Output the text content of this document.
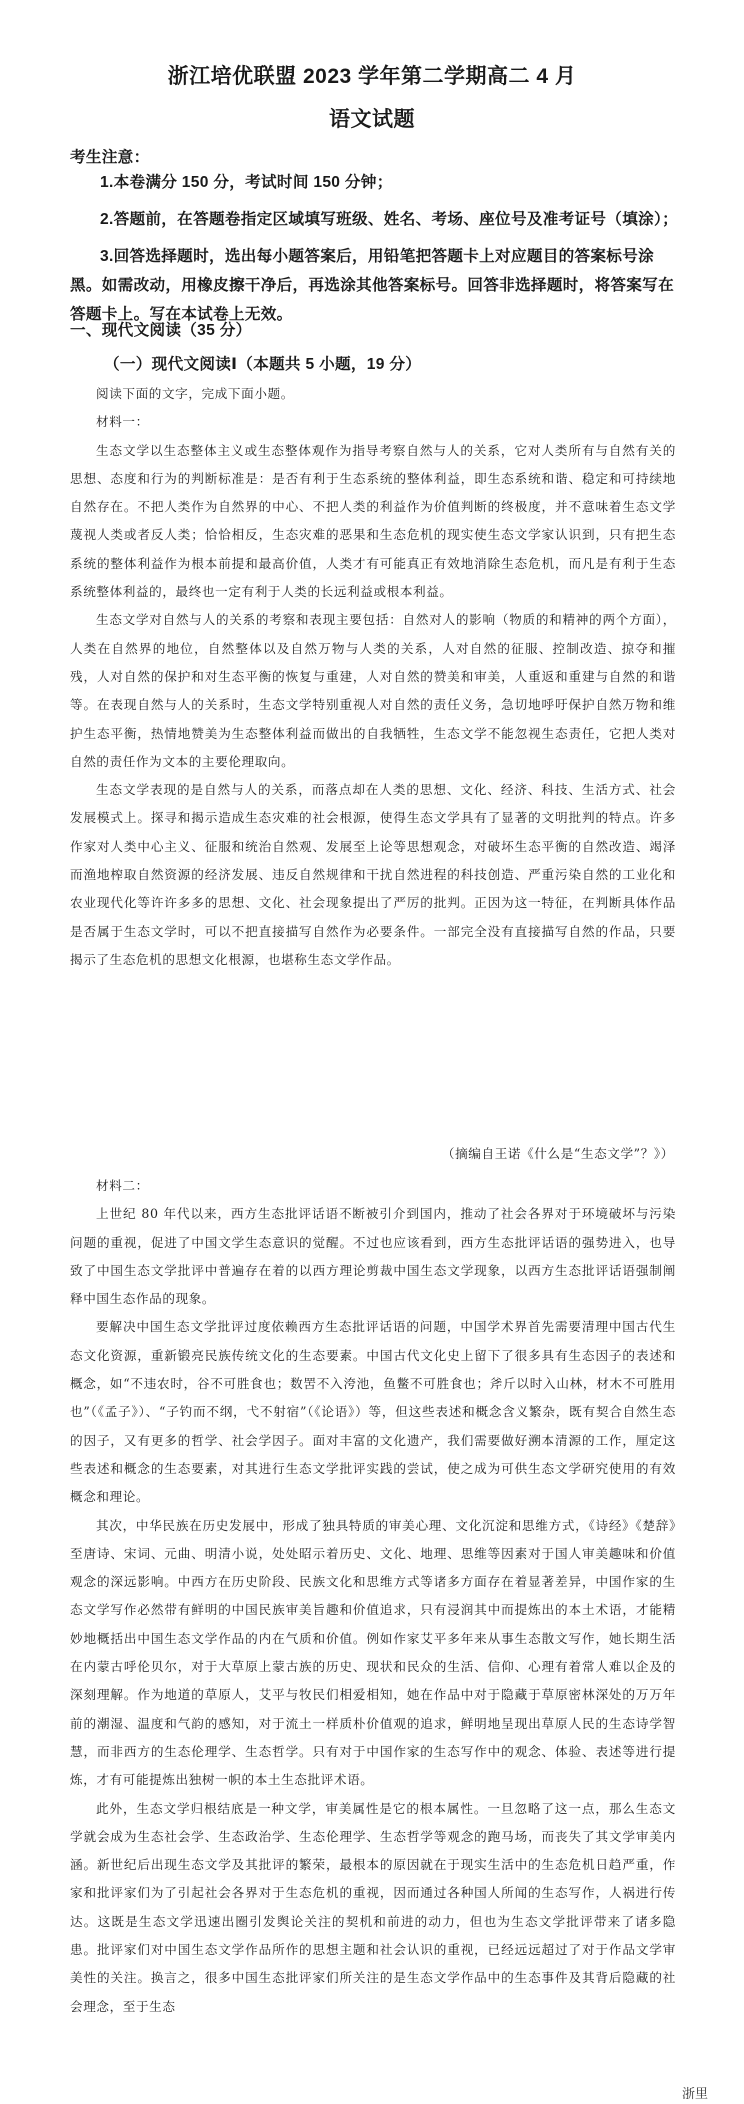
浙江培优联盟 2023 学年第二学期高二 4 月
语文试题
考生注意：
1.本卷满分 150 分，考试时间 150 分钟；
2.答题前，在答题卷指定区域填写班级、姓名、考场、座位号及准考证号（填涂）；
3.回答选择题时，选出每小题答案后，用铅笔把答题卡上对应题目的答案标号涂黑。如需改动，用橡皮擦干净后，再选涂其他答案标号。回答非选择题时，将答案写在答题卡上。写在本试卷上无效。
一、现代文阅读（35 分）
（一）现代文阅读Ⅰ（本题共 5 小题，19 分）
阅读下面的文字，完成下面小题。
材料一：
生态文学以生态整体主义或生态整体观作为指导考察自然与人的关系，它对人类所有与自然有关的思想、态度和行为的判断标准是：是否有利于生态系统的整体利益，即生态系统和谐、稳定和可持续地自然存在。不把人类作为自然界的中心、不把人类的利益作为价值判断的终极度，并不意味着生态文学蔑视人类或者反人类；恰恰相反，生态灾难的恶果和生态危机的现实使生态文学家认识到，只有把生态系统的整体利益作为根本前提和最高价值，人类才有可能真正有效地消除生态危机，而凡是有利于生态系统整体利益的，最终也一定有利于人类的长远利益或根本利益。
生态文学对自然与人的关系的考察和表现主要包括：自然对人的影响（物质的和精神的两个方面），人类在自然界的地位，自然整体以及自然万物与人类的关系，人对自然的征服、控制改造、掠夺和摧残，人对自然的保护和对生态平衡的恢复与重建，人对自然的赞美和审美，人重返和重建与自然的和谐等。在表现自然与人的关系时，生态文学特别重视人对自然的责任义务，急切地呼吁保护自然万物和维护生态平衡，热情地赞美为生态整体利益而做出的自我牺牲，生态文学不能忽视生态责任，它把人类对自然的责任作为文本的主要伦理取向。
生态文学表现的是自然与人的关系，而落点却在人类的思想、文化、经济、科技、生活方式、社会发展模式上。探寻和揭示造成生态灾难的社会根源，使得生态文学具有了显著的文明批判的特点。许多作家对人类中心主义、征服和统治自然观、发展至上论等思想观念，对破坏生态平衡的自然改造、竭泽而渔地榨取自然资源的经济发展、违反自然规律和干扰自然进程的科技创造、严重污染自然的工业化和农业现代化等许许多多的思想、文化、社会现象提出了严厉的批判。正因为这一特征，在判断具体作品是否属于生态文学时，可以不把直接描写自然作为必要条件。一部完全没有直接描写自然的作品，只要揭示了生态危机的思想文化根源，也堪称生态文学作品。
（摘编自王诺《什么是“生态文学”？》）
材料二：
上世纪 80 年代以来，西方生态批评话语不断被引介到国内，推动了社会各界对于环境破坏与污染问题的重视，促进了中国文学生态意识的觉醒。不过也应该看到，西方生态批评话语的强势进入，也导致了中国生态文学批评中普遍存在着的以西方理论剪裁中国生态文学现象，以西方生态批评话语强制阐释中国生态作品的现象。
要解决中国生态文学批评过度依赖西方生态批评话语的问题，中国学术界首先需要清理中国古代生态文化资源，重新锻亮民族传统文化的生态要素。中国古代文化史上留下了很多具有生态因子的表述和概念，如“不违农时，谷不可胜食也；数罟不入洿池，鱼鳖不可胜食也；斧斤以时入山林，材木不可胜用也”（《孟子》）、“子钓而不纲，弋不射宿”（《论语》）等，但这些表述和概念含义繁杂，既有契合自然生态的因子，又有更多的哲学、社会学因子。面对丰富的文化遗产，我们需要做好溯本清源的工作，厘定这些表述和概念的生态要素，对其进行生态文学批评实践的尝试，使之成为可供生态文学研究使用的有效概念和理论。
其次，中华民族在历史发展中，形成了独具特质的审美心理、文化沉淀和思维方式，《诗经》《楚辞》至唐诗、宋词、元曲、明清小说，处处昭示着历史、文化、地理、思维等因素对于国人审美趣味和价值观念的深远影响。中西方在历史阶段、民族文化和思维方式等诸多方面存在着显著差异，中国作家的生态文学写作必然带有鲜明的中国民族审美旨趣和价值追求，只有浸润其中而提炼出的本土术语，才能精妙地概括出中国生态文学作品的内在气质和价值。例如作家艾平多年来从事生态散文写作，她长期生活在内蒙古呼伦贝尔，对于大草原上蒙古族的历史、现状和民众的生活、信仰、心理有着常人难以企及的深刻理解。作为地道的草原人，艾平与牧民们相爱相知，她在作品中对于隐藏于草原密林深处的万万年前的潮湿、温度和气韵的感知，对于流土一样质朴价值观的追求，鲜明地呈现出草原人民的生态诗学智慧，而非西方的生态伦理学、生态哲学。只有对于中国作家的生态写作中的观念、体验、表述等进行提炼，才有可能提炼出独树一帜的本土生态批评术语。
此外，生态文学归根结底是一种文学，审美属性是它的根本属性。一旦忽略了这一点，那么生态文学就会成为生态社会学、生态政治学、生态伦理学、生态哲学等观念的跑马场，而丧失了其文学审美内涵。新世纪后出现生态文学及其批评的繁荣，最根本的原因就在于现实生活中的生态危机日趋严重，作家和批评家们为了引起社会各界对于生态危机的重视，因而通过各种国人所闻的生态写作，人祸进行传达。这既是生态文学迅速出圈引发舆论关注的契机和前进的动力，但也为生态文学批评带来了诸多隐患。批评家们对中国生态文学作品所作的思想主题和社会认识的重视，已经远远超过了对于作品文学审美性的关注。换言之，很多中国生态批评家们所关注的是生态文学作品中的生态事件及其背后隐藏的社会理念，至于生态
浙里
